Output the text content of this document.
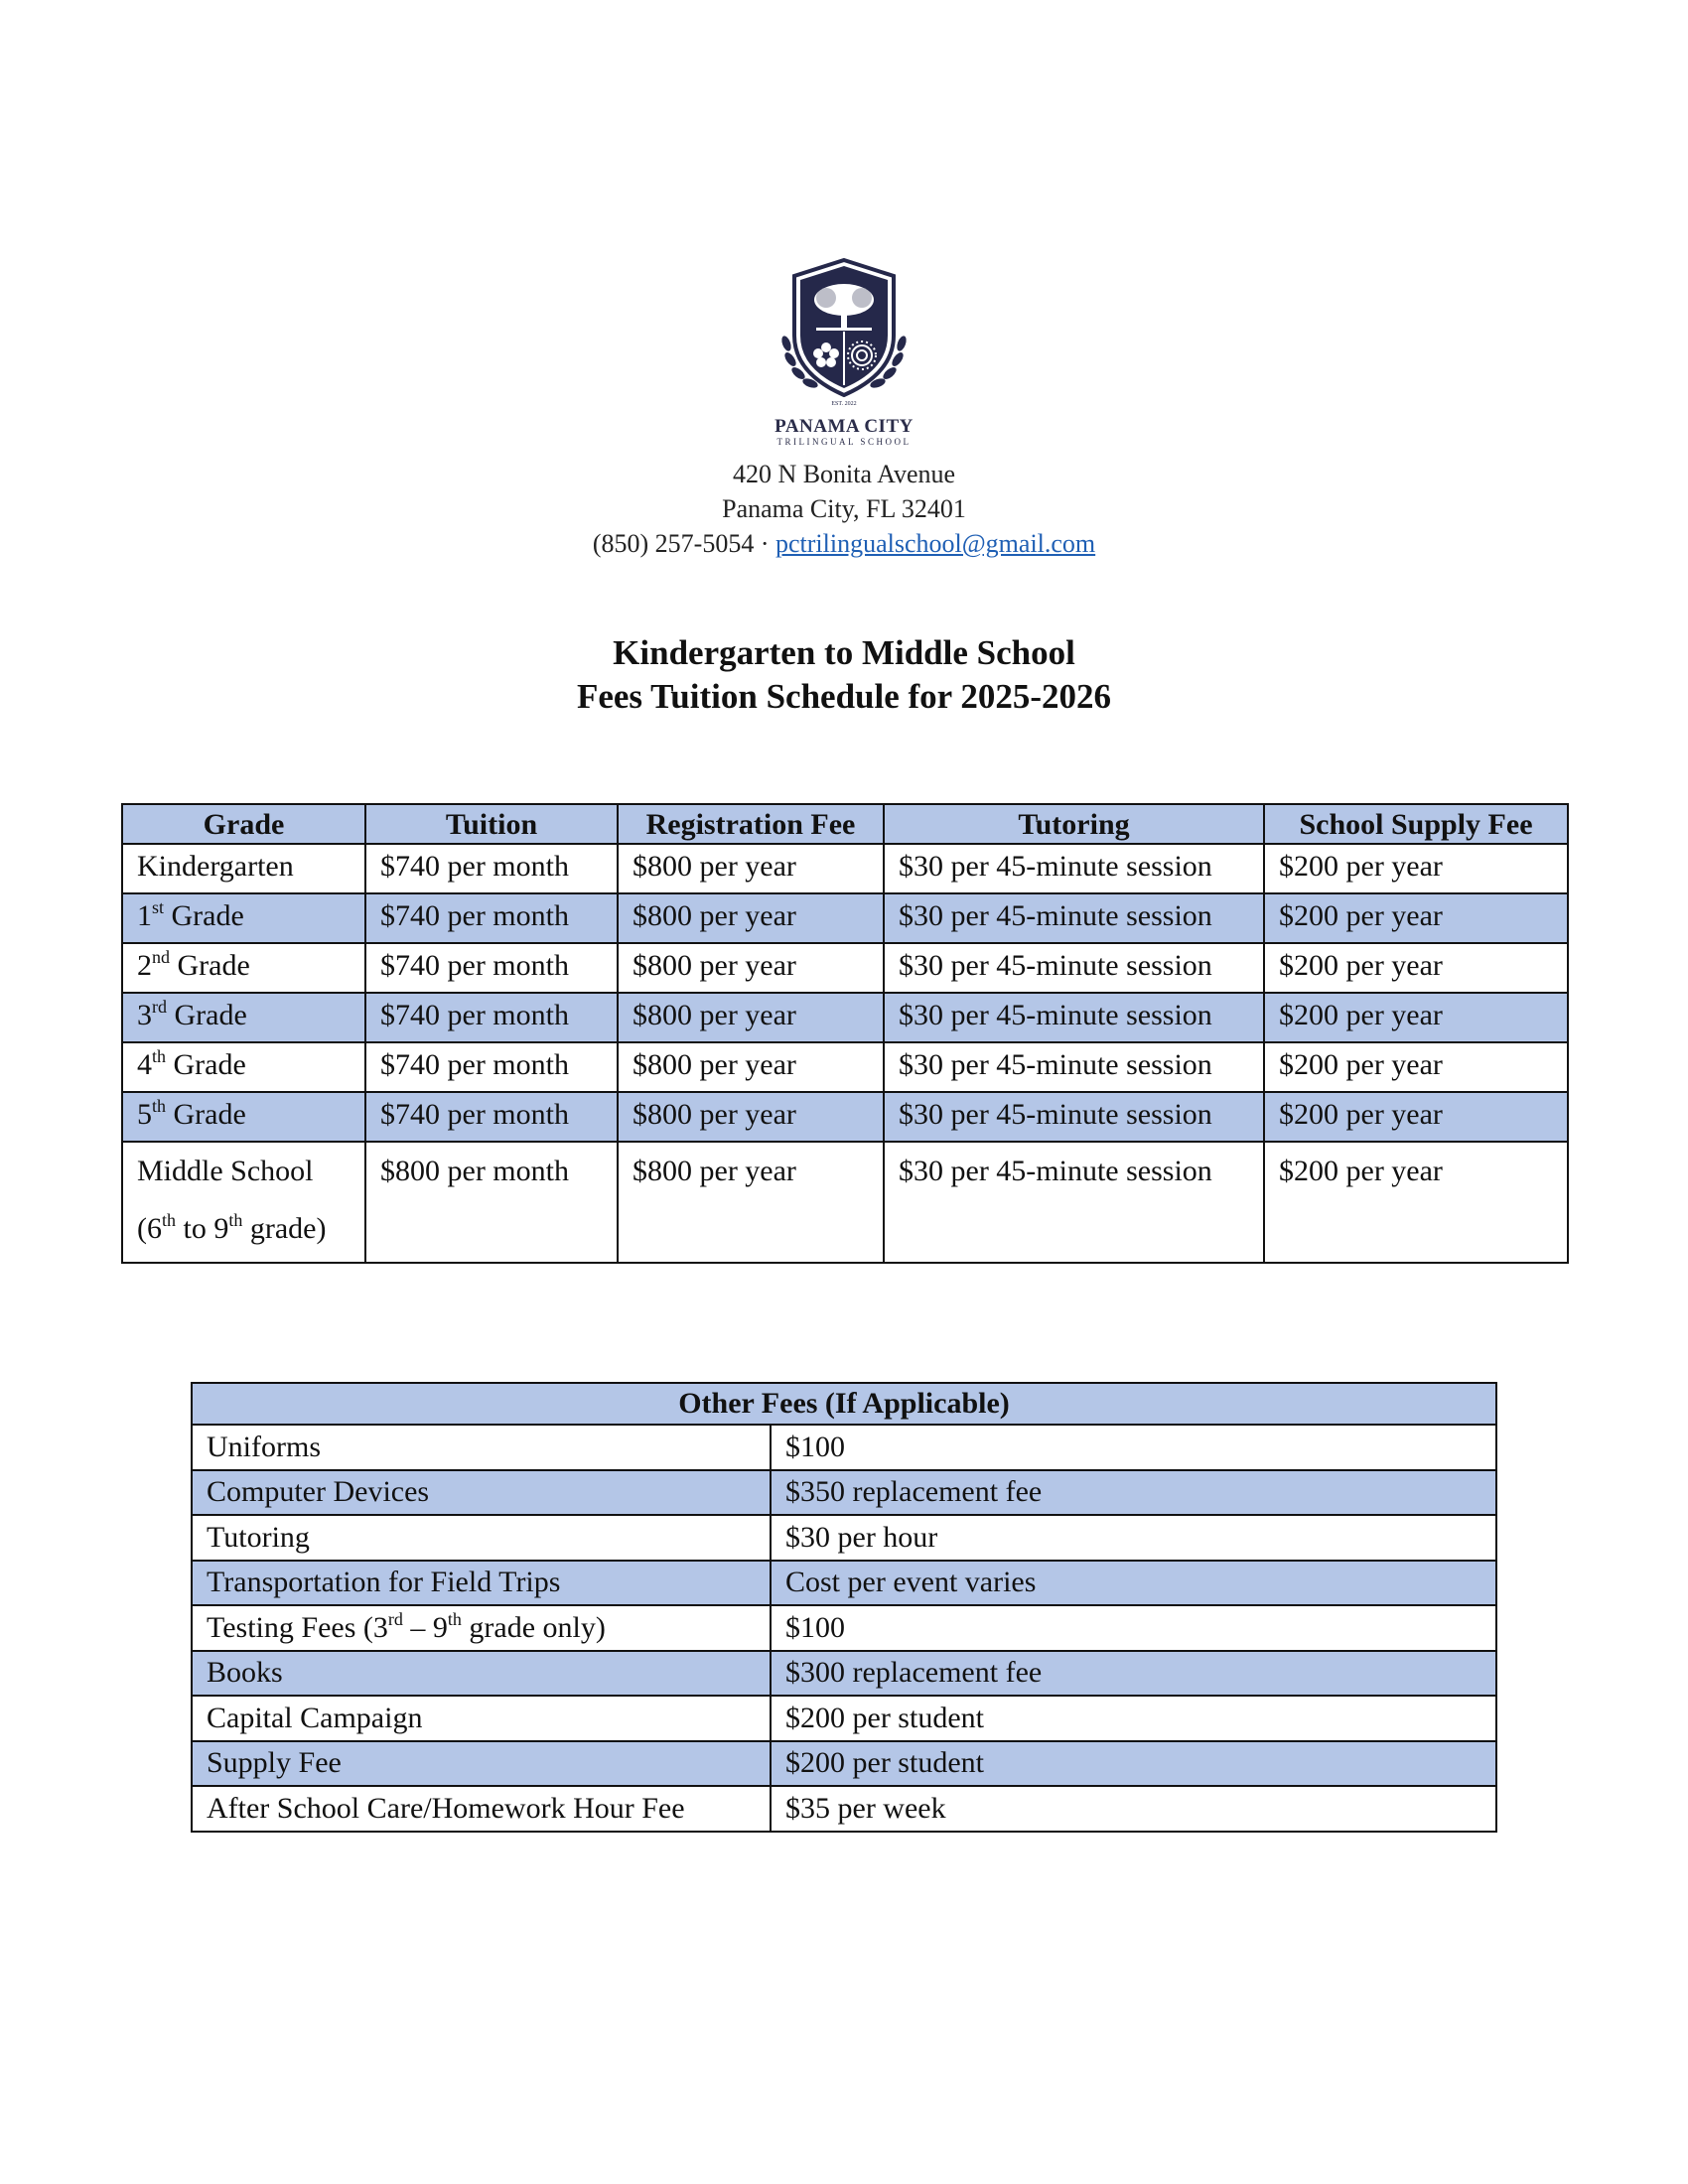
EST. 2022
PANAMA CITY
TRILINGUAL SCHOOL
420 N Bonita Avenue
Panama City, FL 32401
(850) 257-5054 · pctrilingualschool@gmail.com
Kindergarten to Middle School
Fees Tuition Schedule for 2025-2026
Grade	Tuition	Registration Fee	Tutoring	School Supply Fee
Kindergarten	$740 per month	$800 per year	$30 per 45-minute session	$200 per year
1st Grade	$740 per month	$800 per year	$30 per 45-minute session	$200 per year
2nd Grade	$740 per month	$800 per year	$30 per 45-minute session	$200 per year
3rd Grade	$740 per month	$800 per year	$30 per 45-minute session	$200 per year
4th Grade	$740 per month	$800 per year	$30 per 45-minute session	$200 per year
5th Grade	$740 per month	$800 per year	$30 per 45-minute session	$200 per year

Middle School
(6th to 9th grade)	$800 per month	$800 per year	$30 per 45-minute session	$200 per year
Other Fees (If Applicable)	
Uniforms	$100
Computer Devices	$350 replacement fee
Tutoring	$30 per hour
Transportation for Field Trips	Cost per event varies
Testing Fees (3rd – 9th grade only)	$100
Books	$300 replacement fee
Capital Campaign	$200 per student
Supply Fee	$200 per student
After School Care/Homework Hour Fee	$35 per week
